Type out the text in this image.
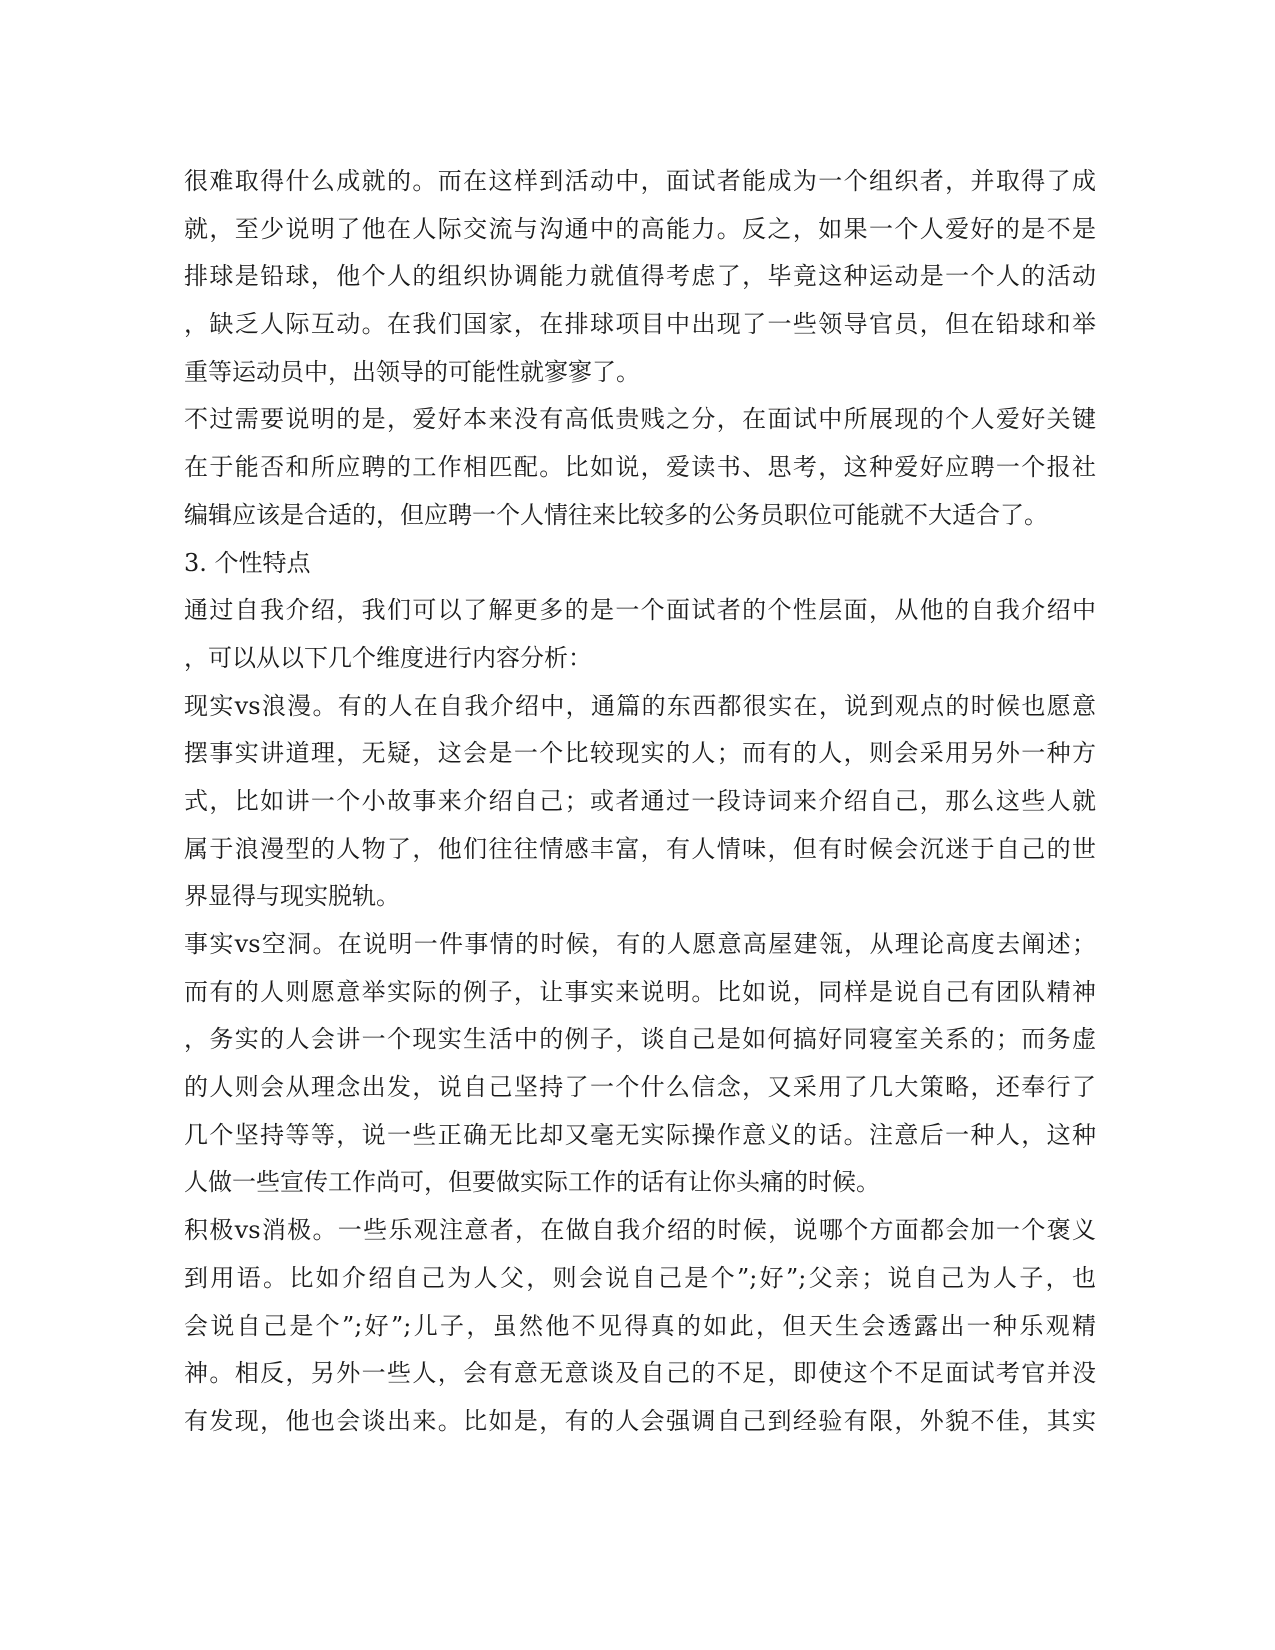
很难取得什么成就的。而在这样到活动中，面试者能成为一个组织者，并取得了成
就，至少说明了他在人际交流与沟通中的高能力。反之，如果一个人爱好的是不是
排球是铅球，他个人的组织协调能力就值得考虑了，毕竟这种运动是一个人的活动
，缺乏人际互动。在我们国家，在排球项目中出现了一些领导官员，但在铅球和举
重等运动员中，出领导的可能性就寥寥了。
不过需要说明的是，爱好本来没有高低贵贱之分，在面试中所展现的个人爱好关键
在于能否和所应聘的工作相匹配。比如说，爱读书、思考，这种爱好应聘一个报社
编辑应该是合适的，但应聘一个人情往来比较多的公务员职位可能就不大适合了。
3. 个性特点
通过自我介绍，我们可以了解更多的是一个面试者的个性层面，从他的自我介绍中
，可以从以下几个维度进行内容分析：
现实vs浪漫。有的人在自我介绍中，通篇的东西都很实在，说到观点的时候也愿意
摆事实讲道理，无疑，这会是一个比较现实的人；而有的人，则会采用另外一种方
式，比如讲一个小故事来介绍自己；或者通过一段诗词来介绍自己，那么这些人就
属于浪漫型的人物了，他们往往情感丰富，有人情味，但有时候会沉迷于自己的世
界显得与现实脱轨。
事实vs空洞。在说明一件事情的时候，有的人愿意高屋建瓴，从理论高度去阐述；
而有的人则愿意举实际的例子，让事实来说明。比如说，同样是说自己有团队精神
，务实的人会讲一个现实生活中的例子，谈自己是如何搞好同寝室关系的；而务虚
的人则会从理念出发，说自己坚持了一个什么信念，又采用了几大策略，还奉行了
几个坚持等等，说一些正确无比却又毫无实际操作意义的话。注意后一种人，这种
人做一些宣传工作尚可，但要做实际工作的话有让你头痛的时候。
积极vs消极。一些乐观注意者，在做自我介绍的时候，说哪个方面都会加一个褒义
到用语。比如介绍自己为人父，则会说自己是个”;好”;父亲；说自己为人子，也
会说自己是个”;好”;儿子，虽然他不见得真的如此，但天生会透露出一种乐观精
神。相反，另外一些人，会有意无意谈及自己的不足，即使这个不足面试考官并没
有发现，他也会谈出来。比如是，有的人会强调自己到经验有限，外貌不佳，其实
